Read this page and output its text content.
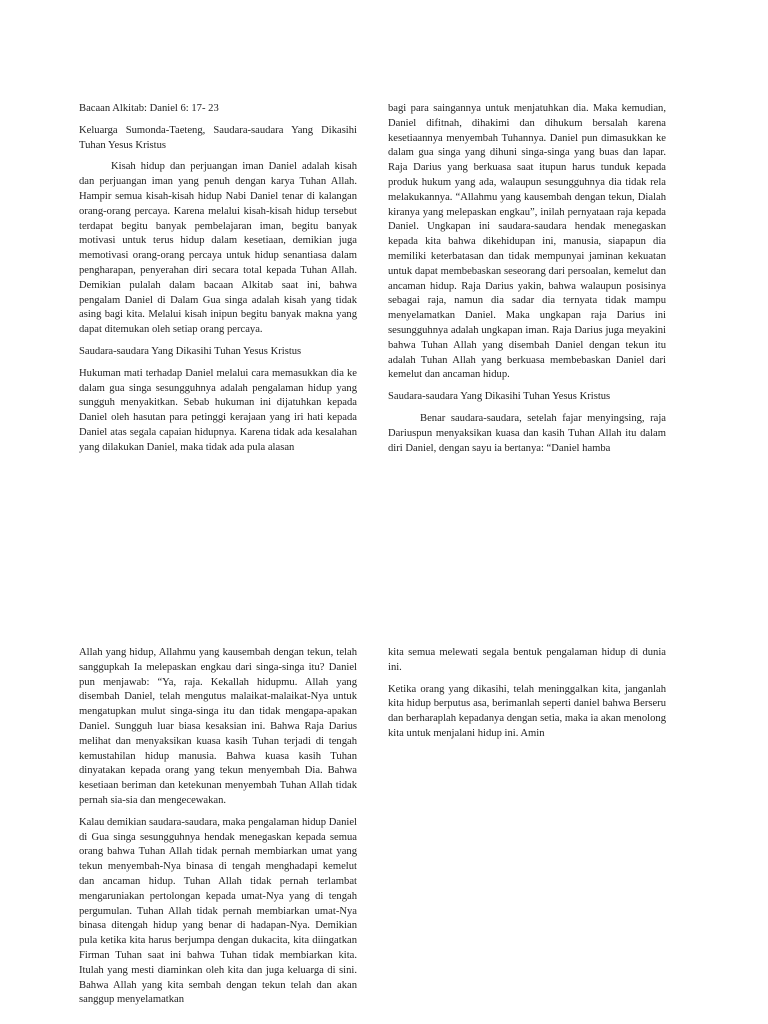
Bacaan Alkitab: Daniel 6: 17- 23

Keluarga Sumonda-Taeteng, Saudara-saudara Yang Dikasihi Tuhan Yesus Kristus

Kisah hidup dan perjuangan iman Daniel adalah kisah dan perjuangan iman yang penuh dengan karya Tuhan Allah. Hampir semua kisah-kisah hidup Nabi Daniel tenar di kalangan orang-orang percaya. Karena melalui kisah-kisah hidup tersebut terdapat begitu banyak pembelajaran iman, begitu banyak motivasi untuk terus hidup dalam kesetiaan, demikian juga memotivasi orang-orang percaya untuk hidup senantiasa dalam pengharapan, penyerahan diri secara total kepada Tuhan Allah. Demikian pulalah dalam bacaan Alkitab saat ini, bahwa pengalam Daniel di Dalam Gua singa adalah kisah yang tidak asing bagi kita. Melalui kisah inipun begitu banyak makna yang dapat ditemukan oleh setiap orang percaya.

Saudara-saudara Yang Dikasihi Tuhan Yesus Kristus

Hukuman mati terhadap Daniel melalui cara memasukkan dia ke dalam gua singa sesungguhnya adalah pengalaman hidup yang sungguh menyakitkan. Sebab hukuman ini dijatuhkan kepada Daniel oleh hasutan para petinggi kerajaan yang iri hati kepada Daniel atas segala capaian hidupnya. Karena tidak ada kesalahan yang dilakukan Daniel, maka tidak ada pula alasan

bagi para saingannya untuk menjatuhkan dia. Maka kemudian, Daniel difitnah, dihakimi dan dihukum bersalah karena kesetiaannya menyembah Tuhannya. Daniel pun dimasukkan ke dalam gua singa yang dihuni singa-singa yang buas dan lapar. Raja Darius yang berkuasa saat itupun harus tunduk kepada produk hukum yang ada, walaupun sesungguhnya dia tidak rela melakukannya. “Allahmu yang kausembah dengan tekun, Dialah kiranya yang melepaskan engkau”, inilah pernyataan raja kepada Daniel. Ungkapan ini saudara-saudara hendak menegaskan kepada kita bahwa dikehidupan ini, manusia, siapapun dia memiliki keterbatasan dan tidak mempunyai jaminan kekuatan untuk dapat membebaskan seseorang dari persoalan, kemelut dan ancaman hidup. Raja Darius yakin, bahwa walaupun posisinya sebagai raja, namun dia sadar dia ternyata tidak mampu menyelamatkan Daniel. Maka ungkapan raja Darius ini sesungguhnya adalah ungkapan iman. Raja Darius juga meyakini bahwa Tuhan Allah yang disembah Daniel dengan tekun itu adalah Tuhan Allah yang berkuasa membebaskan Daniel dari kemelut dan ancaman hidup.

Saudara-saudara Yang Dikasihi Tuhan Yesus Kristus

Benar saudara-saudara, setelah fajar menyingsing, raja Dariuspun menyaksikan kuasa dan kasih Tuhan Allah itu dalam diri Daniel, dengan sayu ia bertanya: “Daniel hamba

Allah yang hidup, Allahmu yang kausembah dengan tekun, telah sanggupkah Ia melepaskan engkau dari singa-singa itu? Daniel pun menjawab: “Ya, raja. Kekallah hidupmu. Allah yang disembah Daniel, telah mengutus malaikat-malaikat-Nya untuk mengatupkan mulut singa-singa itu dan tidak mengapa-apakan Daniel. Sungguh luar biasa kesaksian ini. Bahwa Raja Darius melihat dan menyaksikan kuasa kasih Tuhan terjadi di tengah kemustahilan hidup manusia. Bahwa kuasa kasih Tuhan dinyatakan kepada orang yang tekun menyembah Dia. Bahwa kesetiaan beriman dan ketekunan menyembah Tuhan Allah tidak pernah sia-sia dan mengecewakan.

Kalau demikian saudara-saudara, maka pengalaman hidup Daniel di Gua singa sesungguhnya hendak menegaskan kepada semua orang bahwa Tuhan Allah tidak pernah membiarkan umat yang tekun menyembah-Nya binasa di tengah menghadapi kemelut dan ancaman hidup. Tuhan Allah tidak pernah terlambat mengaruniakan pertolongan kepada umat-Nya yang di tengah pergumulan. Tuhan Allah tidak pernah membiarkan umat-Nya binasa ditengah hidup yang benar di hadapan-Nya. Demikian pula ketika kita harus berjumpa dengan dukacita, kita diingatkan Firman Tuhan saat ini bahwa Tuhan tidak membiarkan kita. Itulah yang mesti diaminkan oleh kita dan juga keluarga di sini. Bahwa Allah yang kita sembah dengan tekun telah dan akan sanggup menyelamatkan

kita semua melewati segala bentuk pengalaman hidup di dunia ini.

Ketika orang yang dikasihi, telah meninggalkan kita, janganlah kita hidup berputus asa, berimanlah seperti daniel bahwa Berseru dan berharaplah kepadanya dengan setia, maka ia akan menolong kita untuk menjalani hidup ini. Amin
